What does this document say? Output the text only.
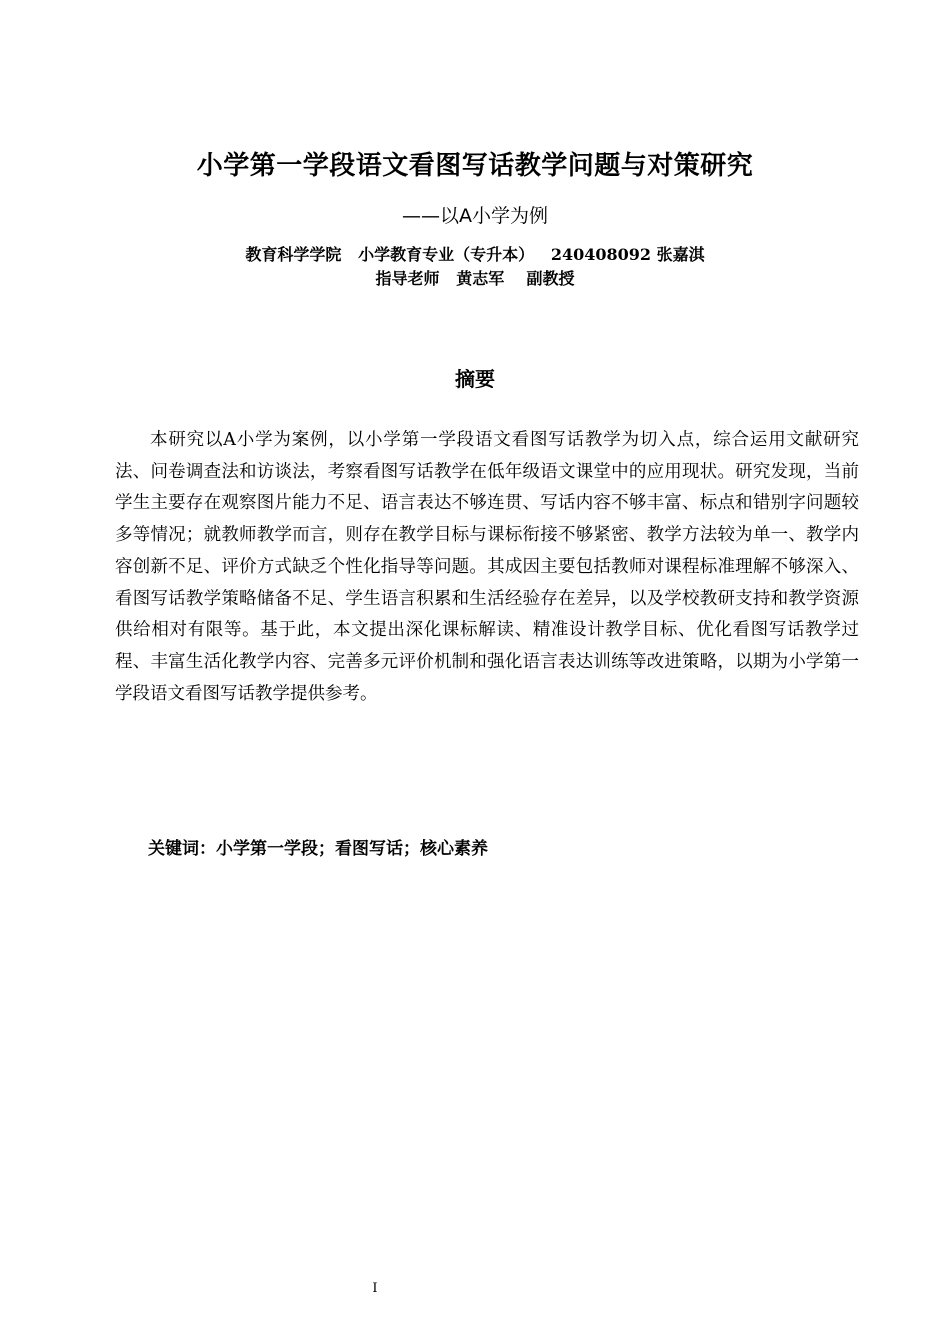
小学第一学段语文看图写话教学问题与对策研究
——以A小学为例
教育科学学院   小学教育专业（专升本）   240408092 张嘉淇
指导老师   黄志军    副教授
摘要

本研究以A小学为案例，以小学第一学段语文看图写话教学为切入点，综合运用文献研究法、问卷调查法和访谈法，考察看图写话教学在低年级语文课堂中的应用现状。研究发现，当前学生主要存在观察图片能力不足、语言表达不够连贯、写话内容不够丰富、标点和错别字问题较多等情况；就教师教学而言，则存在教学目标与课标衔接不够紧密、教学方法较为单一、教学内容创新不足、评价方式缺乏个性化指导等问题。其成因主要包括教师对课程标准理解不够深入、看图写话教学策略储备不足、学生语言积累和生活经验存在差异，以及学校教研支持和教学资源供给相对有限等。基于此，本文提出深化课标解读、精准设计教学目标、优化看图写话教学过程、丰富生活化教学内容、完善多元评价机制和强化语言表达训练等改进策略，以期为小学第一学段语文看图写话教学提供参考。

关键词：小学第一学段；看图写话；核心素养
I
